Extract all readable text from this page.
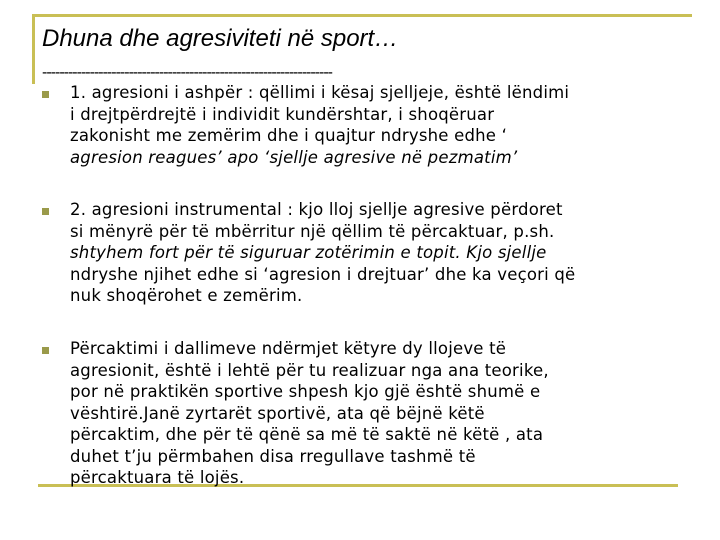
Dhuna dhe agresiviteti në sport…
-------------------------------------------------------------------
1. agresioni i ashpër : qëllimi i kësaj sjelljeje, është lëndimi
i drejtpërdrejtë i individit kundërshtar, i shoqëruar
zakonisht me zemërim dhe i quajtur ndryshe edhe ‘
agresion reagues’ apo ‘sjellje agresive në pezmatim’
2. agresioni instrumental : kjo lloj sjellje agresive përdoret
si mënyrë për të mbërritur një qëllim të përcaktuar, p.sh.
shtyhem fort për të siguruar zotërimin e topit. Kjo sjellje
ndryshe njihet edhe si ‘agresion i drejtuar’ dhe ka veçori që
nuk shoqërohet e zemërim.
Përcaktimi i dallimeve ndërmjet këtyre dy llojeve të
agresionit, është i lehtë për tu realizuar nga ana teorike,
por në praktikën sportive shpesh kjo gjë është shumë e
vështirë.Janë zyrtarët sportivë, ata që bëjnë këtë
përcaktim, dhe për të qënë sa më të saktë në këtë , ata
duhet t’ju përmbahen disa rregullave tashmë të
përcaktuara të lojës.
